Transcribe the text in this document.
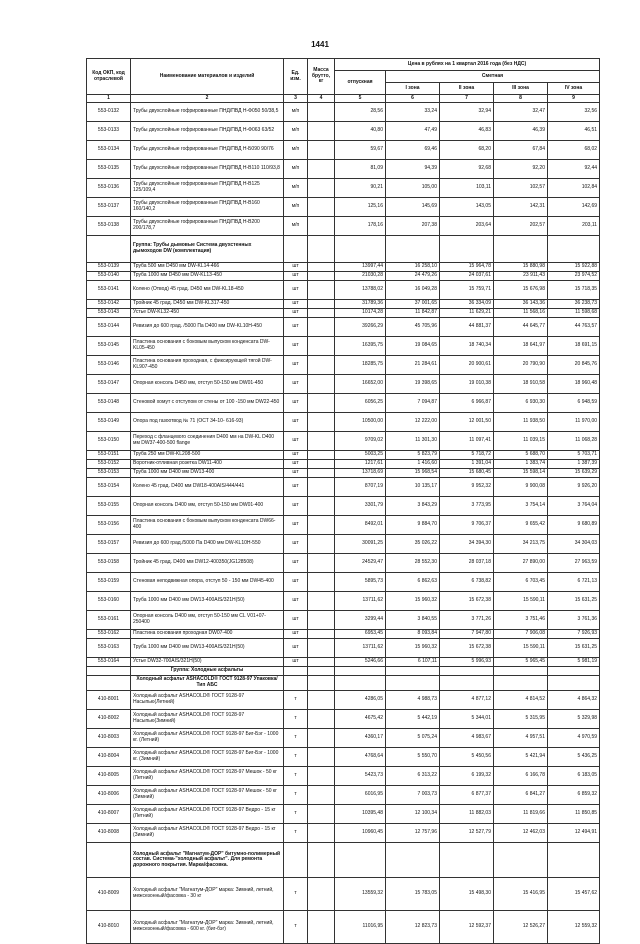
1441
Код ОКП, код отраслевой	Наименование материалов и изделий	Ед. изм.	Масса брутто, кг	Цена в рублях на 1 квартал 2016 года (без НДС)				
				отпускная	Сметная			
					I зона	II зона	III зона	IV зона
1	2	3	4	5	6	7	8	9
553-0132	Трубы двухслойные гофрированные ПНД/ПВД Н-Ф050 50/38,5	м/п		28,56	33,24	32,94	32,47	32,56
553-0133	Трубы двухслойные гофрированные ПНД/ПВД Н-Ф063 63/52	м/п		40,80	47,49	46,83	46,39	46,51
553-0134	Трубы двухслойные гофрированные ПНД/ПВД Н-Б090 90/76	м/п		59,67	69,46	68,20	67,84	68,02
553-0135	Трубы двухслойные гофрированные ПНД/ПВД Н-В110 110/93,8	м/п		81,09	94,39	92,68	92,20	92,44
553-0136	Трубы двухслойные гофрированные ПНД/ПВД Н-В125 125/109,4	м/п		90,21	105,00	103,11	102,57	102,84
553-0137	Трубы двухслойные гофрированные ПНД/ПВД Н-В160 160/140,2	м/п		125,16	145,69	143,05	142,31	142,69
553-0138	Трубы двухслойные гофрированные ПНД/ПВД Н-В200 200/178,7	м/п		178,16	207,38	203,64	202,57	203,11
	Группа: Трубы дымовые Система двухстенных дымоходов DW (комплектация)							
553-0139	Труба 500 мм D450 мм DW-KL14-466	шт		13997,44	16 258,10	15 964,78	15 880,98	15 922,88
553-0140	Труба 1000 мм D450 мм DW-KL13-450	шт		21030,28	24 479,26	24 037,61	23 911,43	23 974,52
553-0141	Колено (Отвод) 45 град. D450 мм DW-KL18-450	шт		13788,02	16 049,28	15 759,71	15 676,98	15 718,35
553-0142	Тройник 45 град. D450 мм DW-KL317-450	шт		31789,36	37 001,65	36 334,09	36 143,36	36 238,73
553-0143	Устье DW-KL32-450	шт		10174,28	11 842,87	11 629,21	11 568,16	11 598,68
553-0144	Ревизия до 600 град. /5000 Па D400 мм DW-KL10Н-450	шт		39266,29	45 705,96	44 881,37	44 645,77	44 763,57
553-0145	Пластина основания с боковым выпуском конденсата DW-KL05-450	шт		16395,75	19 084,65	18 740,34	18 641,97	18 691,15
553-0146	Пластина основания проходная, с фиксирующей тягой DW-KL907-450	шт		18285,75	21 284,61	20 900,61	20 790,90	20 845,76
553-0147	Опорная консоль D450 мм, отступ 50-150 мм DW01-450	шт		16652,00	19 398,65	19 010,38	18 910,58	18 960,48
553-0148	Стеновой хомут с отступом от стены от 100 -150 мм DW22-450	шт		6056,25	7 094,87	6 966,87	6 930,30	6 948,59
553-0149	Опора под газоотвод № 71 (ОСТ 34-10- 616-93)	шт		10500,00	12 222,00	12 001,50	11 938,50	11 970,00
553-0150	Переход с фланцевого соединения D400 мм на DW-KL D400 мм DW37-400-500 flange	шт		9709,02	11 301,30	11 097,41	11 039,15	11 068,28
553-0151	Труба 250 мм DW-KL208-500	шт		5003,25	5 823,79	5 718,72	5 688,70	5 703,71
553-0152	Воротник-отливная розетка DW11-400	шт		1217,61	1 416,60	1 391,04	1 383,74	1 387,39
553-0153	Труба 1000 мм D400 мм DW13-400	шт		13718,69	15 968,54	15 680,45	15 598,14	15 639,29
553-0154	Колено 45 град. D400 мм DW18-400AIS/444/441	шт		8707,19	10 135,17	9 952,32	9 900,08	9 926,20
553-0155	Опорная консоль D400 мм, отступ 50-150 мм DW01-400	шт		3301,79	3 843,29	3 773,95	3 754,14	3 764,04
553-0156	Пластина основания с боковым выпуском конденсата DW66-400	шт		8492,01	9 884,70	9 706,37	9 655,42	9 680,89
553-0157	Ревизия до 600 град./5000 Па D400 мм DW-KL10Н-550	шт		30091,25	35 026,22	34 394,30	34 213,75	34 304,03
553-0158	Тройник 45 град. D400 мм DW12-400350(JG128508)	шт		24529,47	28 552,30	28 037,18	27 890,00	27 963,59
553-0159	Стеновая неподвижная опора, отступ 50 - 150 мм DW45-400	шт		5895,73	6 862,63	6 738,82	6 703,45	6 721,13
553-0160	Труба 1000 мм D400 мм DW13-400AIS/321Н(50)	шт		13711,62	15 960,32	15 672,38	15 590,11	15 631,25
553-0161	Опорная консоль D400 мм, отступ 50-150 мм CL V01+07-250400	шт		3299,44	3 840,55	3 771,26	3 751,46	3 761,36
553-0162	Пластина основания проходная DW07-400	шт		6953,45	8 093,84	7 947,80	7 906,08	7 926,93
553-0163	Труба 1000 мм D400 мм DW13-400AIS/321Н(50)	шт		13711,62	15 960,32	15 672,38	15 590,11	15 631,25
553-0164	Устье DW32-700AIS/321Н(50)	шт		5246,66	6 107,11	5 996,93	5 965,45	5 981,19
	Группа: Холодные асфальты							
	Холодный асфальт ASHACOLD® ГОСТ 9128-97 Упаковка/Тип АБС							
410-8001	Холодный асфальт ASHACOLD® ГОСТ 9128-97 Насыпью(Летний)	т		4286,05	4 988,73	4 877,12	4 814,52	4 864,32
410-8002	Холодный асфальт ASHACOLD® ГОСТ 9128-97 Насыпью(Зимний)	т		4675,42	5 442,19	5 344,01	5 315,95	5 329,98
410-8003	Холодный асфальт ASHACOLD® ГОСТ 9128-97 Биг-Бэг - 1000 кг. (Летний)	т		4360,17	5 075,24	4 983,67	4 957,51	4 970,59
410-8004	Холодный асфальт ASHACOLD® ГОСТ 9128-97 Биг-Бэг - 1000 кг. (Зимний)	т		4768,64	5 550,70	5 450,56	5 421,94	5 436,25
410-8005	Холодный асфальт ASHACOLD® ГОСТ 9128-97 Мешок - 50 кг (Летний)	т		5423,73	6 313,22	6 199,32	6 166,78	6 183,05
410-8006	Холодный асфальт ASHACOLD® ГОСТ 9128-97 Мешок - 50 кг (Зимний)	т		6016,95	7 003,73	6 877,37	6 841,27	6 859,32
410-8007	Холодный асфальт ASHACOLD® ГОСТ 9128-97 Ведро - 15 кг (Летний)	т		10395,48	12 100,34	11 882,03	11 819,66	11 850,85
410-8008	Холодный асфальт ASHACOLD® ГОСТ 9128-97 Ведро - 15 кг (Зимний)	т		10960,45	12 757,96	12 527,79	12 462,03	12 494,91
	Холодный асфальт "Магнатум-ДОР" битумно-полимерный состав. Система-"холодный асфальт". Для ремонта дорожного покрытия. Марка/фасовка.							
410-8009	Холодный асфальт "Магнатум-ДОР" марка: Зимний, летний, межсезонный/фасовка - 30 кг	т		13559,32	15 783,05	15 498,30	15 416,95	15 457,62
410-8010	Холодный асфальт "Магнатум-ДОР" марка: Зимний, летний, межсезонный/фасовка - 600 кг. (биг-бэг)	т		11016,95	12 823,73	12 592,37	12 526,27	12 559,32
